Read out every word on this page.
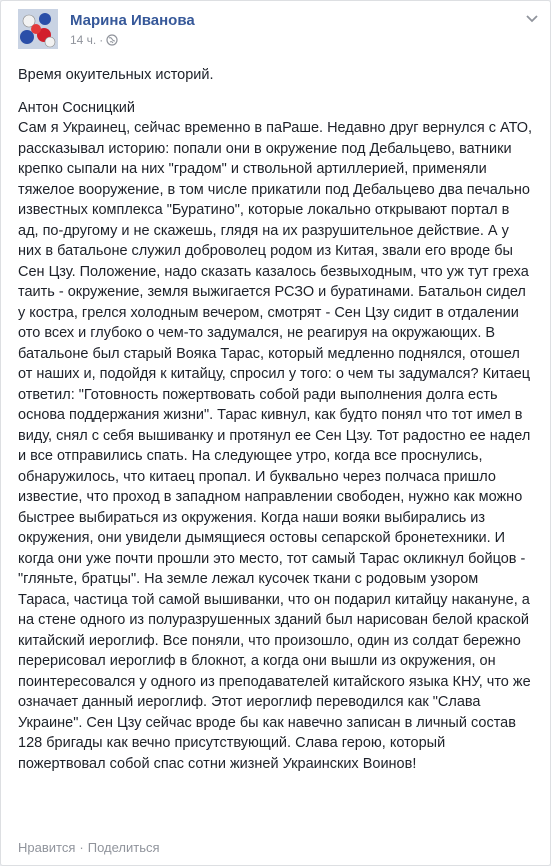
Марина Иванова
14 ч. ·

Время окуительных историй.

Антон Сосницкий

Сам я Украинец, сейчас временно в паРаше. Недавно друг вернулся с АТО, рассказывал историю: попали они в окружение под Дебальцево, ватники крепко сыпали на них "градом" и ствольной артиллерией, применяли тяжелое вооружение, в том числе прикатили под Дебальцево два печально известных комплекса "Буратино", которые локально открывают портал в ад, по-другому и не скажешь, глядя на их разрушительное действие. А у них в батальоне служил доброволец родом из Китая, звали его вроде бы Сен Цзу. Положение, надо сказать казалось безвыходным, что уж тут греха таить - окружение, земля выжигается РСЗО и буратинами. Батальон сидел у костра, грелся холодным вечером, смотрят - Сен Цзу сидит в отдалении ото всех и глубоко о чем-то задумался, не реагируя на окружающих. В батальоне был старый Вояка Тарас, который медленно поднялся, отошел от наших и, подойдя к китайцу, спросил у того: о чем ты задумался? Китаец ответил: "Готовность пожертвовать собой ради выполнения долга есть основа поддержания жизни". Тарас кивнул, как будто понял что тот имел в виду, снял с себя вышиванку и протянул ее Сен Цзу. Тот радостно ее надел и все отправились спать. На следующее утро, когда все проснулись, обнаружилось, что китаец пропал. И буквально через полчаса пришло известие, что проход в западном направлении свободен, нужно как можно быстрее выбираться из окружения. Когда наши вояки выбирались из окружения, они увидели дымящиеся остовы сепарской бронетехники. И когда они уже почти прошли это место, тот самый Тарас окликнул бойцов - "гляньте, братцы". На земле лежал кусочек ткани с родовым узором Тараса, частица той самой вышиванки, что он подарил китайцу накануне, а на стене одного из полуразрушенных зданий был нарисован белой краской китайский иероглиф. Все поняли, что произошло, один из солдат бережно перерисовал иероглиф в блокнот, а когда они вышли из окружения, он поинтересовался у одного из преподавателей китайского языка КНУ, что же означает данный иероглиф. Этот иероглиф переводился как "Слава Украине". Сен Цзу сейчас вроде бы как навечно записан в личный состав 128 бригады как вечно присутствующий. Слава герою, который пожертвовал собой спас сотни жизней Украинских Воинов!

Нравится · Поделиться
